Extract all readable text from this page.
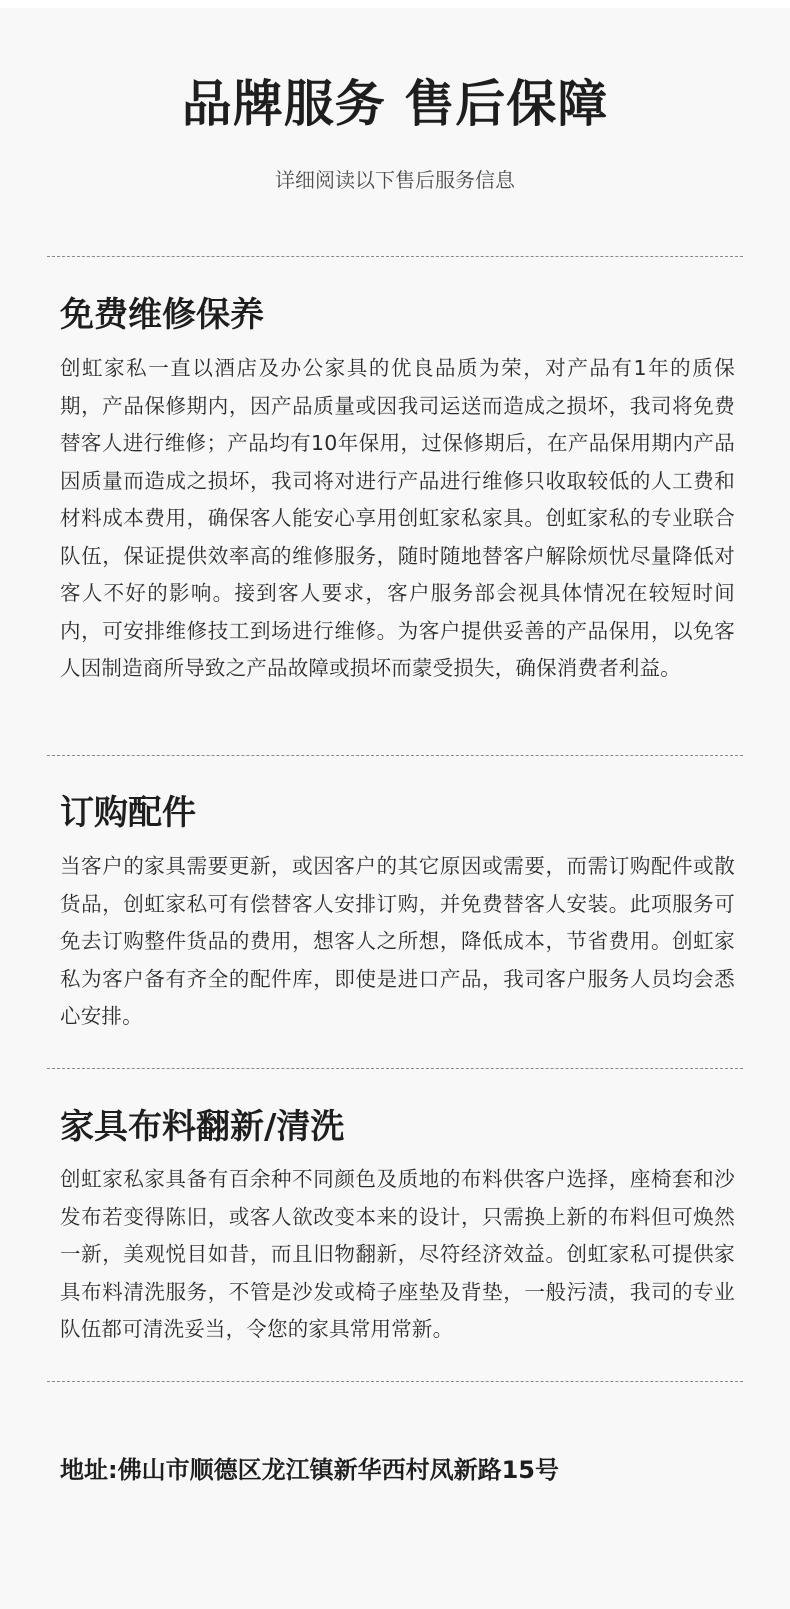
品牌服务 售后保障
详细阅读以下售后服务信息
免费维修保养
创虹家私一直以酒店及办公家具的优良品质为荣，对产品有1年的质保期，产品保修期内，因产品质量或因我司运送而造成之损坏，我司将免费替客人进行维修；产品均有10年保用，过保修期后，在产品保用期内产品因质量而造成之损坏，我司将对进行产品进行维修只收取较低的人工费和材料成本费用，确保客人能安心享用创虹家私家具。创虹家私的专业联合队伍，保证提供效率高的维修服务，随时随地替客户解除烦忧尽量降低对客人不好的影响。接到客人要求，客户服务部会视具体情况在较短时间内，可安排维修技工到场进行维修。为客户提供妥善的产品保用，以免客人因制造商所导致之产品故障或损坏而蒙受损失，确保消费者利益。
订购配件
当客户的家具需要更新，或因客户的其它原因或需要，而需订购配件或散货品，创虹家私可有偿替客人安排订购，并免费替客人安装。此项服务可免去订购整件货品的费用，想客人之所想，降低成本，节省费用。创虹家私为客户备有齐全的配件库，即使是进口产品，我司客户服务人员均会悉心安排。
家具布料翻新/清洗
创虹家私家具备有百余种不同颜色及质地的布料供客户选择，座椅套和沙发布若变得陈旧，或客人欲改变本来的设计，只需换上新的布料但可焕然一新，美观悦目如昔，而且旧物翻新，尽符经济效益。创虹家私可提供家具布料清洗服务，不管是沙发或椅子座垫及背垫，一般污渍，我司的专业队伍都可清洗妥当，令您的家具常用常新。
地址:佛山市顺德区龙江镇新华西村凤新路15号
